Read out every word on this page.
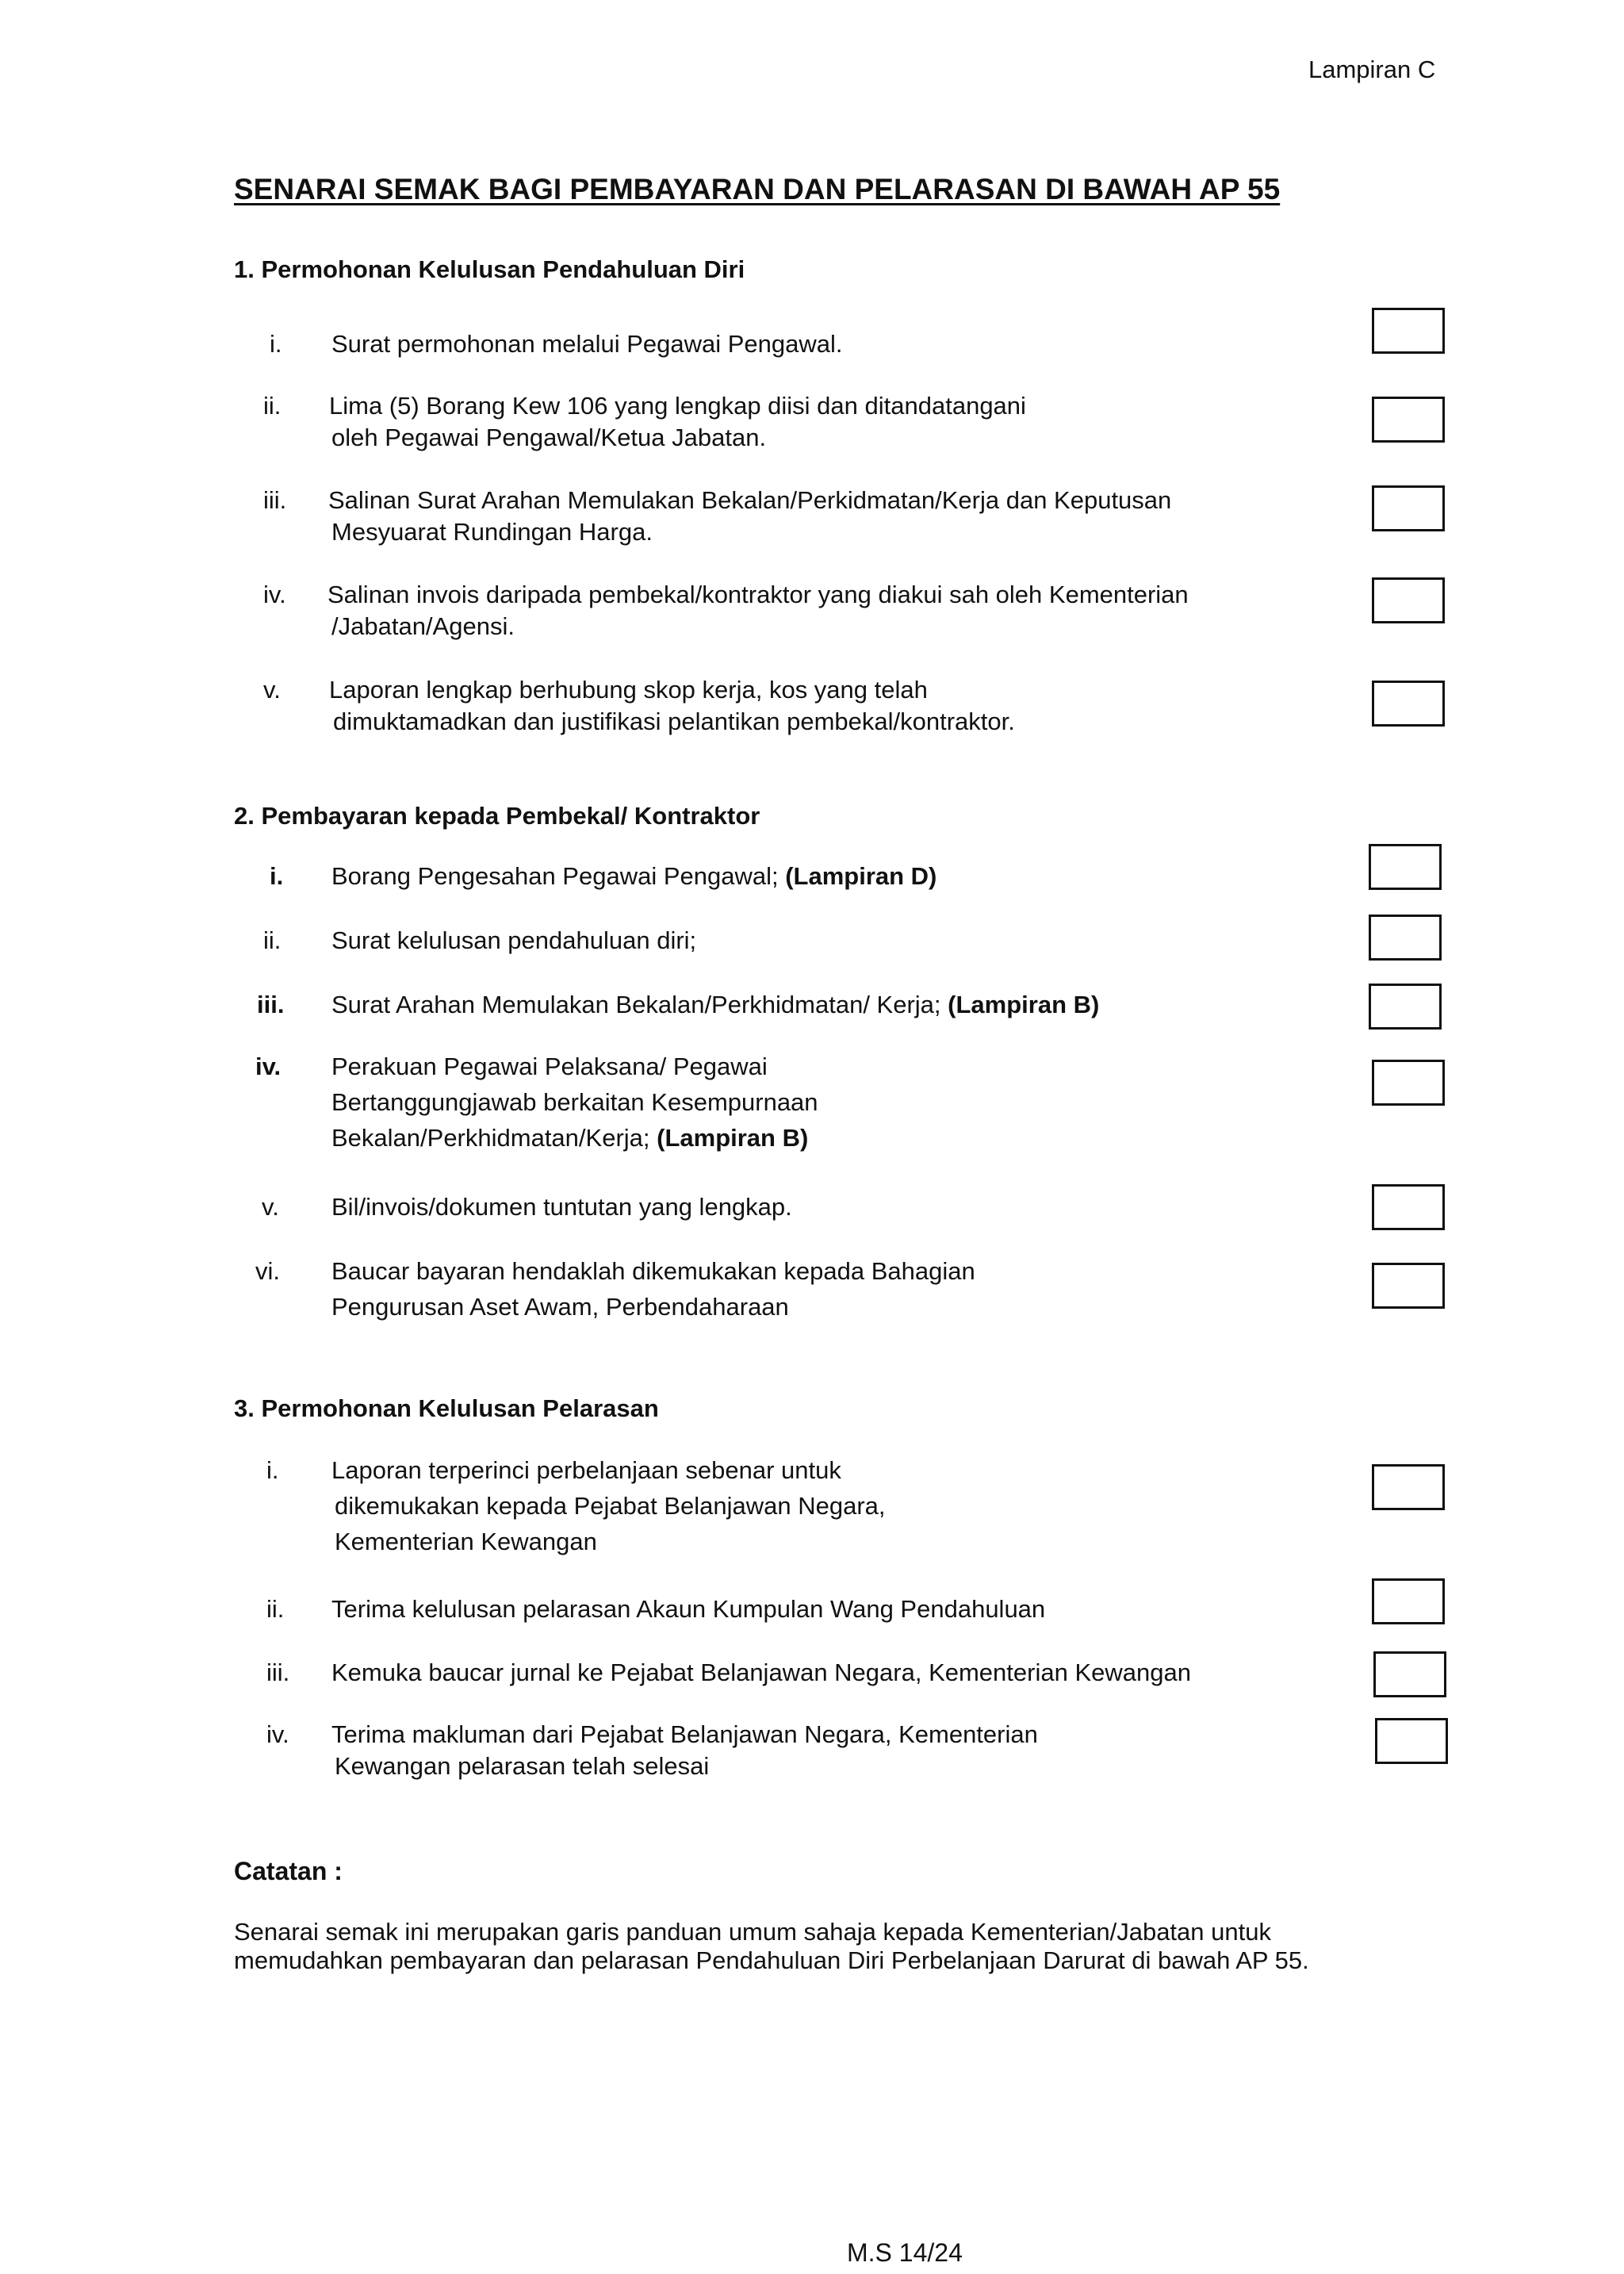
Lampiran C
SENARAI SEMAK BAGI PEMBAYARAN DAN PELARASAN DI BAWAH AP 55
1. Permohonan Kelulusan Pendahuluan Diri
2. Pembayaran kepada Pembekal/ Kontraktor
3. Permohonan Kelulusan Pelarasan
i.	Surat permohonan melalui Pegawai Pengawal.
ii.	Lima (5) Borang Kew 106 yang lengkap diisi dan ditandatangani
oleh Pegawai Pengawal/Ketua Jabatan.
iii.	Salinan Surat Arahan Memulakan Bekalan/Perkidmatan/Kerja dan Keputusan
Mesyuarat Rundingan Harga.
iv.	Salinan invois daripada pembekal/kontraktor yang diakui sah oleh Kementerian
/Jabatan/Agensi.
v.	Laporan lengkap berhubung skop kerja, kos yang telah
dimuktamadkan dan justifikasi pelantikan pembekal/kontraktor.
i.	Borang Pengesahan Pegawai Pengawal; (Lampiran D)
ii.	Surat kelulusan pendahuluan diri;
iii.	Surat Arahan Memulakan Bekalan/Perkhidmatan/ Kerja; (Lampiran B)
iv.	Perakuan Pegawai Pelaksana/ Pegawai
Bertanggungjawab berkaitan Kesempurnaan
Bekalan/Perkhidmatan/Kerja; (Lampiran B)
v.	Bil/invois/dokumen tuntutan yang lengkap.
vi.	Baucar bayaran hendaklah dikemukakan kepada Bahagian
Pengurusan Aset Awam, Perbendaharaan
i.	Laporan terperinci perbelanjaan sebenar untuk
dikemukakan kepada Pejabat Belanjawan Negara,
Kementerian Kewangan
ii.	Terima kelulusan pelarasan Akaun Kumpulan Wang Pendahuluan
iii.	Kemuka baucar jurnal ke Pejabat Belanjawan Negara, Kementerian Kewangan
iv.	Terima makluman dari Pejabat Belanjawan Negara, Kementerian
Kewangan pelarasan telah selesai
Catatan :
Senarai semak ini merupakan garis panduan umum sahaja kepada Kementerian/Jabatan untuk memudahkan pembayaran dan pelarasan Pendahuluan Diri Perbelanjaan Darurat di bawah AP 55.
M.S 14/24
